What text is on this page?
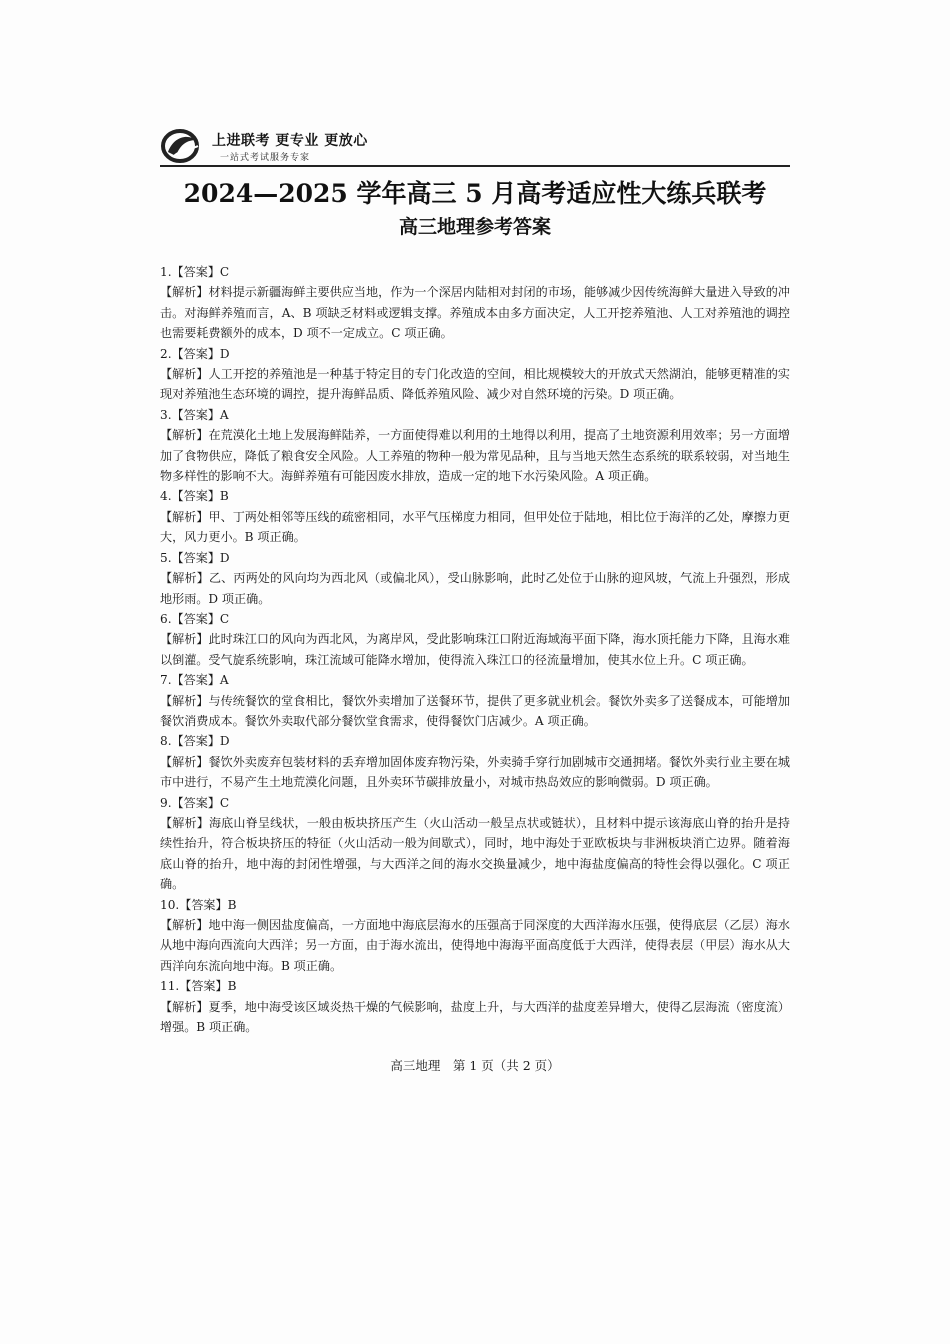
上进联考 更专业 更放心
一站式考试服务专家
2024—2025 学年高三 5 月高考适应性大练兵联考
高三地理参考答案
1.【答案】C
【解析】材料提示新疆海鲜主要供应当地，作为一个深居内陆相对封闭的市场，能够减少因传统海鲜大量进入导致的冲击。对海鲜养殖而言，A、B 项缺乏材料或逻辑支撑。养殖成本由多方面决定，人工开挖养殖池、人工对养殖池的调控也需要耗费额外的成本，D 项不一定成立。C 项正确。
2.【答案】D
【解析】人工开挖的养殖池是一种基于特定目的专门化改造的空间，相比规模较大的开放式天然湖泊，能够更精准的实现对养殖池生态环境的调控，提升海鲜品质、降低养殖风险、减少对自然环境的污染。D 项正确。
3.【答案】A
【解析】在荒漠化土地上发展海鲜陆养，一方面使得难以利用的土地得以利用，提高了土地资源利用效率；另一方面增加了食物供应，降低了粮食安全风险。人工养殖的物种一般为常见品种，且与当地天然生态系统的联系较弱，对当地生物多样性的影响不大。海鲜养殖有可能因废水排放，造成一定的地下水污染风险。A 项正确。
4.【答案】B
【解析】甲、丁两处相邻等压线的疏密相同，水平气压梯度力相同，但甲处位于陆地，相比位于海洋的乙处，摩擦力更大，风力更小。B 项正确。
5.【答案】D
【解析】乙、丙两处的风向均为西北风（或偏北风），受山脉影响，此时乙处位于山脉的迎风坡，气流上升强烈，形成地形雨。D 项正确。
6.【答案】C
【解析】此时珠江口的风向为西北风，为离岸风，受此影响珠江口附近海域海平面下降，海水顶托能力下降，且海水难以倒灌。受气旋系统影响，珠江流域可能降水增加，使得流入珠江口的径流量增加，使其水位上升。C 项正确。
7.【答案】A
【解析】与传统餐饮的堂食相比，餐饮外卖增加了送餐环节，提供了更多就业机会。餐饮外卖多了送餐成本，可能增加餐饮消费成本。餐饮外卖取代部分餐饮堂食需求，使得餐饮门店减少。A 项正确。
8.【答案】D
【解析】餐饮外卖废弃包装材料的丢弃增加固体废弃物污染，外卖骑手穿行加剧城市交通拥堵。餐饮外卖行业主要在城市中进行，不易产生土地荒漠化问题，且外卖环节碳排放量小，对城市热岛效应的影响微弱。D 项正确。
9.【答案】C
【解析】海底山脊呈线状，一般由板块挤压产生（火山活动一般呈点状或链状），且材料中提示该海底山脊的抬升是持续性抬升，符合板块挤压的特征（火山活动一般为间歇式），同时，地中海处于亚欧板块与非洲板块消亡边界。随着海底山脊的抬升，地中海的封闭性增强，与大西洋之间的海水交换量减少，地中海盐度偏高的特性会得以强化。C 项正确。
10.【答案】B
【解析】地中海一侧因盐度偏高，一方面地中海底层海水的压强高于同深度的大西洋海水压强，使得底层（乙层）海水从地中海向西流向大西洋；另一方面，由于海水流出，使得地中海海平面高度低于大西洋，使得表层（甲层）海水从大西洋向东流向地中海。B 项正确。
11.【答案】B
【解析】夏季，地中海受该区域炎热干燥的气候影响，盐度上升，与大西洋的盐度差异增大，使得乙层海流（密度流）增强。B 项正确。
高三地理　第 1 页（共 2 页）
